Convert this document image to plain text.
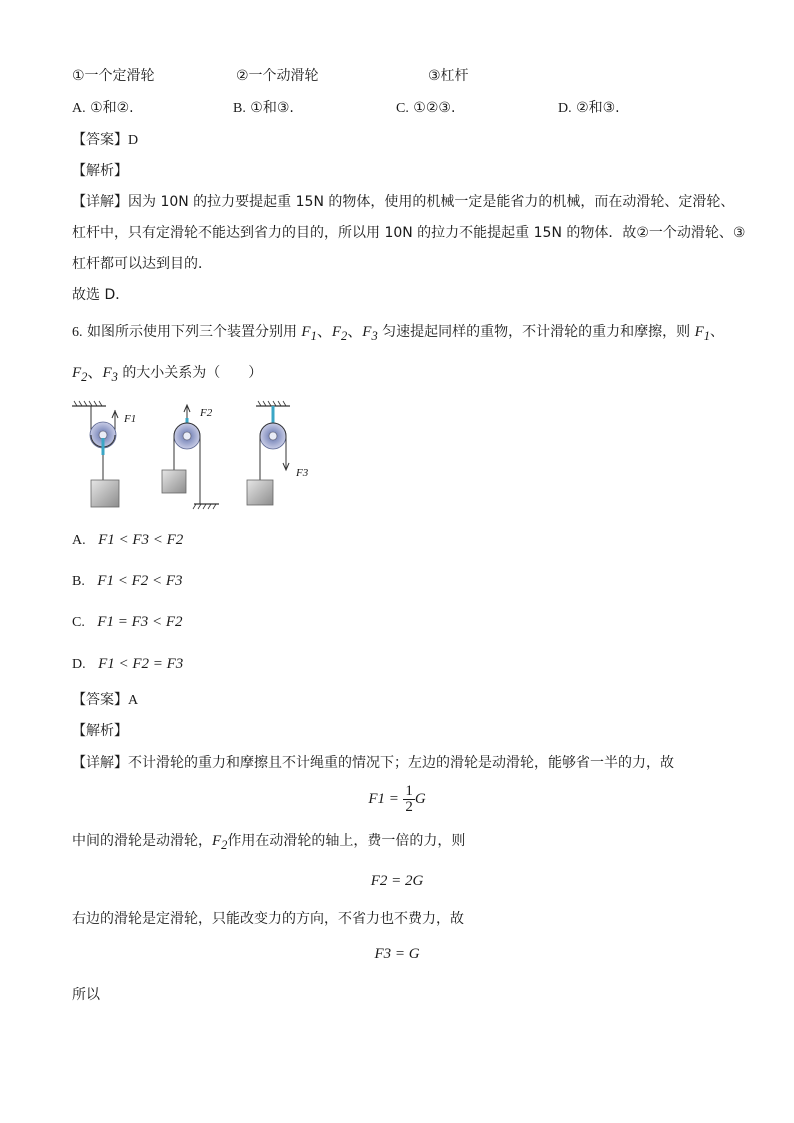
①一个定滑轮	②一个动滑轮	③杠杆
A. ①和②.	B. ①和③.	C. ①②③.	D. ②和③.
【答案】D
【解析】
【详解】因为 10N 的拉力要提起重 15N 的物体，使用的机械一定是能省力的机械，而在动滑轮、定滑轮、
杠杆中，只有定滑轮不能达到省力的目的，所以用 10N 的拉力不能提起重 15N 的物体．故②一个动滑轮、③
杠杆都可以达到目的．
故选 D．
6. 如图所示使用下列三个装置分别用 $F_1$、$F_2$、$F_3$ 匀速提起同样的重物，不计滑轮的重力和摩擦，则 $F_1$、
$F_2$、$F_3$ 的大小关系为（　　）
F1	F2
F3
A. F1 < F3 < F2
B. F1 < F2 < F3
C. F1 = F3 < F2
D. F1 < F2 = F3
【答案】A
【解析】
【详解】不计滑轮的重力和摩擦且不计绳重的情况下；左边的滑轮是动滑轮，能够省一半的力，故
$F1 = \frac{1}{2}$ G
中间的滑轮是动滑轮，$F_2$作用在动滑轮的轴上，费一倍的力，则
F2 = 2G
右边的滑轮是定滑轮，只能改变力的方向，不省力也不费力，故
F3 = G
所以
